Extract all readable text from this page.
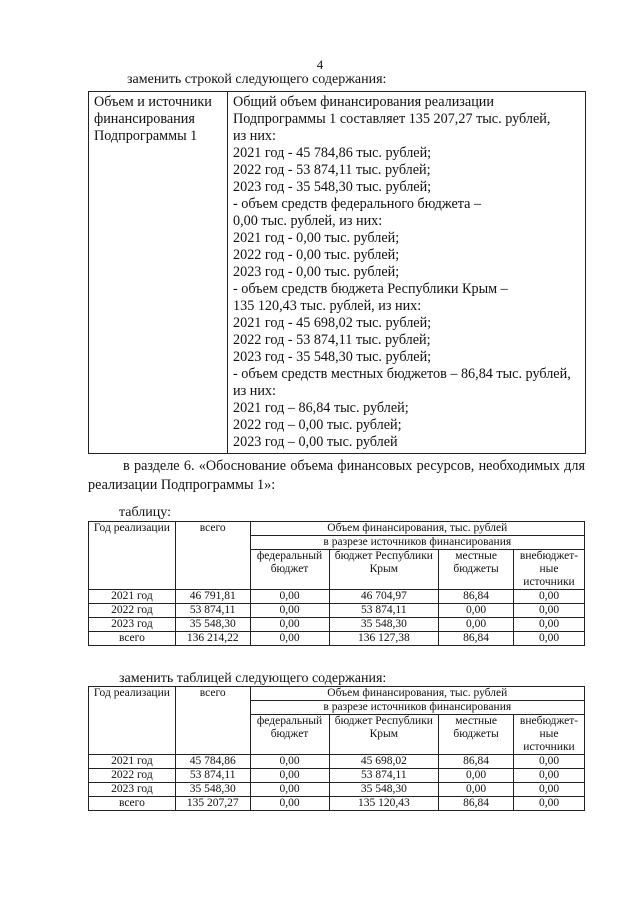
4
заменить строкой следующего содержания:
Объем и источники финансирования Подпрограммы 1	
Общий объем финансирования реализации
Подпрограммы 1 составляет 135 207,27 тыс. рублей,
из них:
2021 год - 45 784,86 тыс. рублей;
2022 год - 53 874,11 тыс. рублей;
2023 год - 35 548,30 тыс. рублей;
- объем средств федерального бюджета –
0,00 тыс. рублей, из них:
2021 год - 0,00 тыс. рублей;
2022 год - 0,00 тыс. рублей;
2023 год - 0,00 тыс. рублей;
- объем средств бюджета Республики Крым –
135 120,43 тыс. рублей, из них:
2021 год - 45 698,02 тыс. рублей;
2022 год - 53 874,11 тыс. рублей;
2023 год - 35 548,30 тыс. рублей;
- объем средств местных бюджетов – 86,84 тыс. рублей,
из них:
2021 год – 86,84 тыс. рублей;
2022 год – 0,00 тыс. рублей;
2023 год – 0,00 тыс. рублей
в разделе 6. «Обоснование объема финансовых ресурсов, необходимых для реализации Подпрограммы 1»:
таблицу:
Год реализации	всего	Объем финансирования, тыс. рублей			
		в разрезе источников финансирования			
		федеральный бюджет	бюджет Республики Крым	местные бюджеты	внебюджет-ные источники
2021 год	46 791,81	0,00	46 704,97	86,84	0,00
2022 год	53 874,11	0,00	53 874,11	0,00	0,00
2023 год	35 548,30	0,00	35 548,30	0,00	0,00
всего	136 214,22	0,00	136 127,38	86,84	0,00
заменить таблицей следующего содержания:
Год реализации	всего	Объем финансирования, тыс. рублей			
		в разрезе источников финансирования			
		федеральный бюджет	бюджет Республики Крым	местные бюджеты	внебюджет-ные источники
2021 год	45 784,86	0,00	45 698,02	86,84	0,00
2022 год	53 874,11	0,00	53 874,11	0,00	0,00
2023 год	35 548,30	0,00	35 548,30	0,00	0,00
всего	135 207,27	0,00	135 120,43	86,84	0,00
